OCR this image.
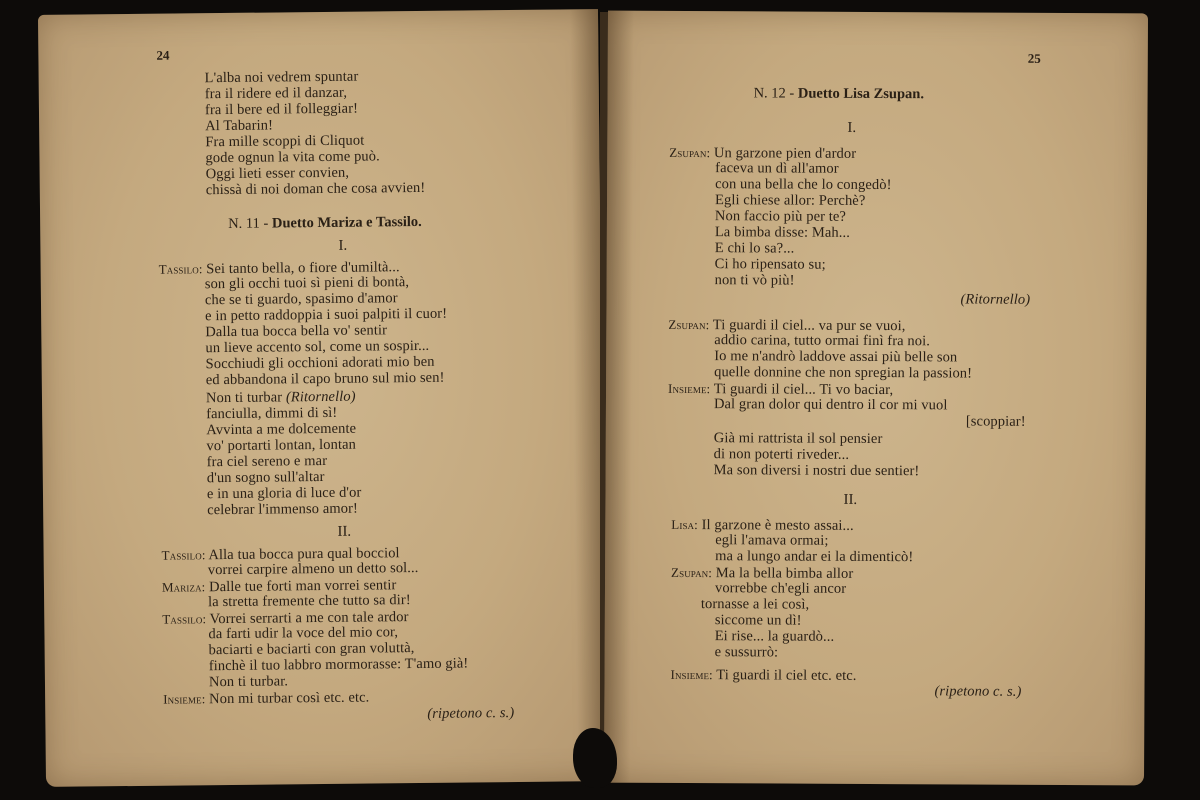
24
L'alba noi vedrem spuntar
fra il ridere ed il danzar,
fra il bere ed il folleggiar!
Al Tabarin!
Fra mille scoppi di Cliquot
gode ognun la vita come può.
Oggi lieti esser convien,
chissà di noi doman che cosa avvien!
N. 11 - Duetto Mariza e Tassilo.
I.
Tassilo: Sei tanto bella, o fiore d'umiltà...
son gli occhi tuoi sì pieni di bontà,
che se ti guardo, spasimo d'amor
e in petto raddoppia i suoi palpiti il cuor!
Dalla tua bocca bella vo' sentir
un lieve accento sol, come un sospir...
Socchiudi gli occhioni adorati mio ben
ed abbandona il capo bruno sul mio sen!
Non ti turbar (Ritornello)
fanciulla, dimmi di sì!
Avvinta a me dolcemente
vo' portarti lontan, lontan
fra ciel sereno e mar
d'un sogno sull'altar
e in una gloria di luce d'or
celebrar l'immenso amor!
II.
Tassilo: Alla tua bocca pura qual bocciol
vorrei carpire almeno un detto sol...
Mariza: Dalle tue forti man vorrei sentir
la stretta fremente che tutto sa dir!
Tassilo: Vorrei serrarti a me con tale ardor
da farti udir la voce del mio cor,
baciarti e baciarti con gran voluttà,
finchè il tuo labbro mormorasse: T'amo già!
Non ti turbar.
Insieme: Non mi turbar così etc. etc.
(ripetono c. s.)
25
N. 12 - Duetto Lisa Zsupan.
I.
Zsupan: Un garzone pien d'ardor
faceva un dì all'amor
con una bella che lo congedò!
Egli chiese allor: Perchè?
Non faccio più per te?
La bimba disse: Mah...
E chi lo sa?...
Ci ho ripensato su;
non ti vò più!
(Ritornello)
Zsupan: Ti guardi il ciel... va pur se vuoi,
addio carina, tutto ormai finì fra noi.
Io me n'andrò laddove assai più belle son
quelle donnine che non spregian la passion!
Insieme: Ti guardi il ciel... Ti vo baciar,
Dal gran dolor qui dentro il cor mi vuol
[scoppiar!
Già mi rattrista il sol pensier
di non poterti riveder...
Ma son diversi i nostri due sentier!
II.
Lisa: Il garzone è mesto assai...
egli l'amava ormai;
ma a lungo andar ei la dimenticò!
Zsupan: Ma la bella bimba allor
vorrebbe ch'egli ancor
tornasse a lei così,
siccome un dì!
Ei rise... la guardò...
e sussurrò:
Insieme: Ti guardi il ciel etc. etc.
(ripetono c. s.)
